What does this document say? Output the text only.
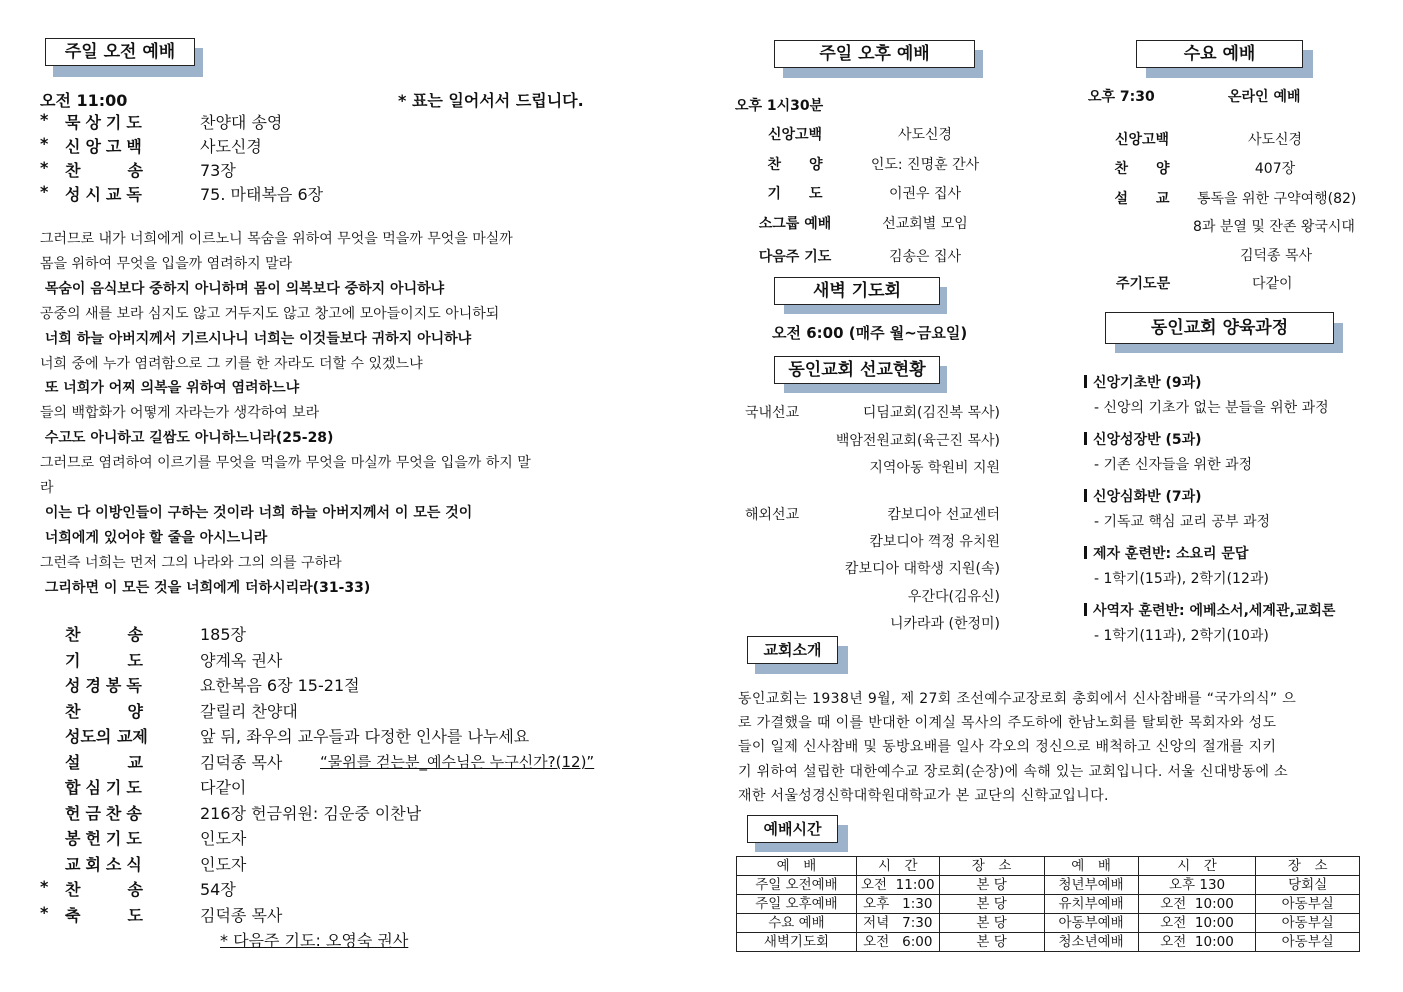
주일 오전 예배
오전 11:00	* 표는 일어서서 드립니다.
* 묵상기도	찬양대 송영
* 신앙고백	사도신경
* 찬　　송	73장
* 성시교독	75. 마태복음 6장
그러므로 내가 너희에게 이르노니 목숨을 위하여 무엇을 먹을까 무엇을 마실까
몸을 위하여 무엇을 입을까 염려하지 말라
목숨이 음식보다 중하지 아니하며 몸이 의복보다 중하지 아니하냐
공중의 새를 보라 심지도 않고 거두지도 않고 창고에 모아들이지도 아니하되
너희 하늘 아버지께서 기르시나니 너희는 이것들보다 귀하지 아니하냐
너희 중에 누가 염려함으로 그 키를 한 자라도 더할 수 있겠느냐
또 너희가 어찌 의복을 위하여 염려하느냐
들의 백합화가 어떻게 자라는가 생각하여 보라
수고도 아니하고 길쌈도 아니하느니라(25-28)
그러므로 염려하여 이르기를 무엇을 먹을까 무엇을 마실까 무엇을 입을까 하지 말
라
이는 다 이방인들이 구하는 것이라 너희 하늘 아버지께서 이 모든 것이
너희에게 있어야 할 줄을 아시느니라
그런즉 너희는 먼저 그의 나라와 그의 의를 구하라
그리하면 이 모든 것을 너희에게 더하시리라(31-33)
찬　　송	185장
기　　도	양계옥 권사
성경봉독	요한복음 6장 15-21절
찬　　양	갈릴리 찬양대
성도의 교제	앞 뒤, 좌우의 교우들과 다정한 인사를 나누세요
설　　교	김덕종 목사
합심기도	다같이
헌금찬송	216장 헌금위원: 김운중 이찬남
봉헌기도	인도자
교회소식	인도자
* 찬　　송	54장
* 축　　도	김덕종 목사
“물위를 걷는분_예수님은 누구신가?(12)”
* 다음주 기도: 오영숙 권사
주일 오후 예배
오후 1시30분
신앙고백	사도신경
찬　　양	인도: 진명훈 간사
기　　도	이권우 집사
소그룹 예배	선교회별 모임
다음주 기도	김송은 집사
새벽 기도회
오전 6:00 (매주 월~금요일)
동인교회 선교현황
국내선교	디딤교회(김진복 목사)
백암전원교회(육근진 목사)
지역아동 학원비 지원
해외선교	캄보디아 선교센터
캄보디아 껵정 유치원
캄보디아 대학생 지원(속)
우간다(김유신)
니카라과 (한정미)
교회소개
동인교회는 1938년 9월, 제 27회 조선예수교장로회 총회에서 신사참배를 “국가의식” 으
로 가결했을 때 이를 반대한 이계실 목사의 주도하에 한남노회를 탈퇴한 목회자와 성도
들이 일제 신사참배 및 동방요배를 일사 각오의 정신으로 배척하고 신앙의 절개를 지키
기 위하여 설립한 대한예수교 장로회(순장)에 속해 있는 교회입니다. 서울 신대방동에 소
재한 서울성경신학대학원대학교가 본 교단의 신학교입니다.
예배시간
예　배	시　간	장　소	예　배	시　간	장　소
주일 오전예배	오전  11:00	본 당	청년부예배	오후 130	당회실
주일 오후예배	오후   1:30	본 당	유치부예배	오전  10:00	아동부실
수요 예배	저녁   7:30	본 당	아동부예배	오전  10:00	아동부실
새벽기도회	오전   6:00	본 당	청소년예배	오전  10:00	아동부실
수요 예배
오후 7:30	온라인 예배
신앙고백	사도신경
찬　　양	407장
설　　교	통독을 위한 구약여행(82)
8과 분열 및 잔존 왕국시대
김덕종 목사
주기도문	다같이
동인교회 양육과정
신앙기초반 (9과)
- 신앙의 기초가 없는 분들을 위한 과정
신앙성장반 (5과)
- 기존 신자들을 위한 과정
신앙심화반 (7과)
- 기독교 핵심 교리 공부 과정
제자 훈련반: 소요리 문답
- 1학기(15과), 2학기(12과)
사역자 훈련반: 에베소서,세계관,교회론
- 1학기(11과), 2학기(10과)
